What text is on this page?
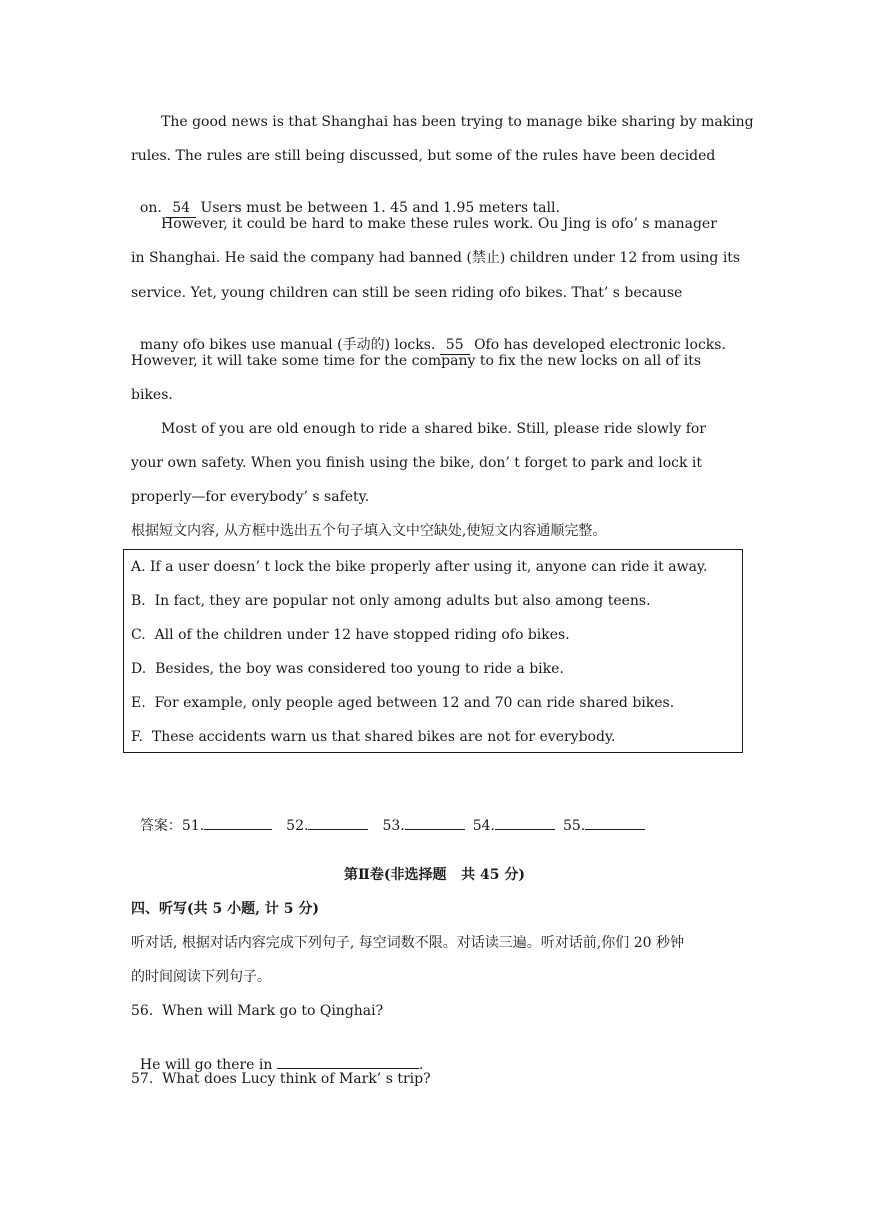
The good news is that Shanghai has been trying to manage bike sharing by making
rules. The rules are still being discussed, but some of the rules have been decided

on. 54 Users must be between 1. 45 and 1.95 meters tall.

However, it could be hard to make these rules work. Ou Jing is ofo’ s manager
in Shanghai. He said the company had banned (禁止) children under 12 from using its
service. Yet, young children can still be seen riding ofo bikes. That’ s because

many ofo bikes use manual (手动的) locks. 55 Ofo has developed electronic locks.

However, it will take some time for the company to fix the new locks on all of its
bikes.
Most of you are old enough to ride a shared bike. Still, please ride slowly for
your own safety. When you finish using the bike, don’ t forget to park and lock it
properly—for everybody’ s safety.
根据短文内容, 从方框中选出五个句子填入文中空缺处,使短文内容通顺完整。
A. If a user doesn’ t lock the bike properly after using it, anyone can ride it away.
B.  In fact, they are popular not only among adults but also among teens.
C.  All of the children under 12 have stopped riding ofo bikes.
D.  Besides, the boy was considered too young to ride a bike.
E.  For example, only people aged between 12 and 70 can ride shared bikes.
F.  These accidents warn us that shared bikes are not for everybody.

答案：51.	52.	53.	54.	55.

第Ⅱ卷(非选择题   共 45 分)
四、听写(共 5 小题, 计 5 分)
听对话, 根据对话内容完成下列句子, 每空词数不限。对话读三遍。听对话前,你们 20 秒钟
的时间阅读下列句子。
56.  When will Mark go to Qinghai?

He will go there in	.

57.  What does Lucy think of Mark’ s trip?
